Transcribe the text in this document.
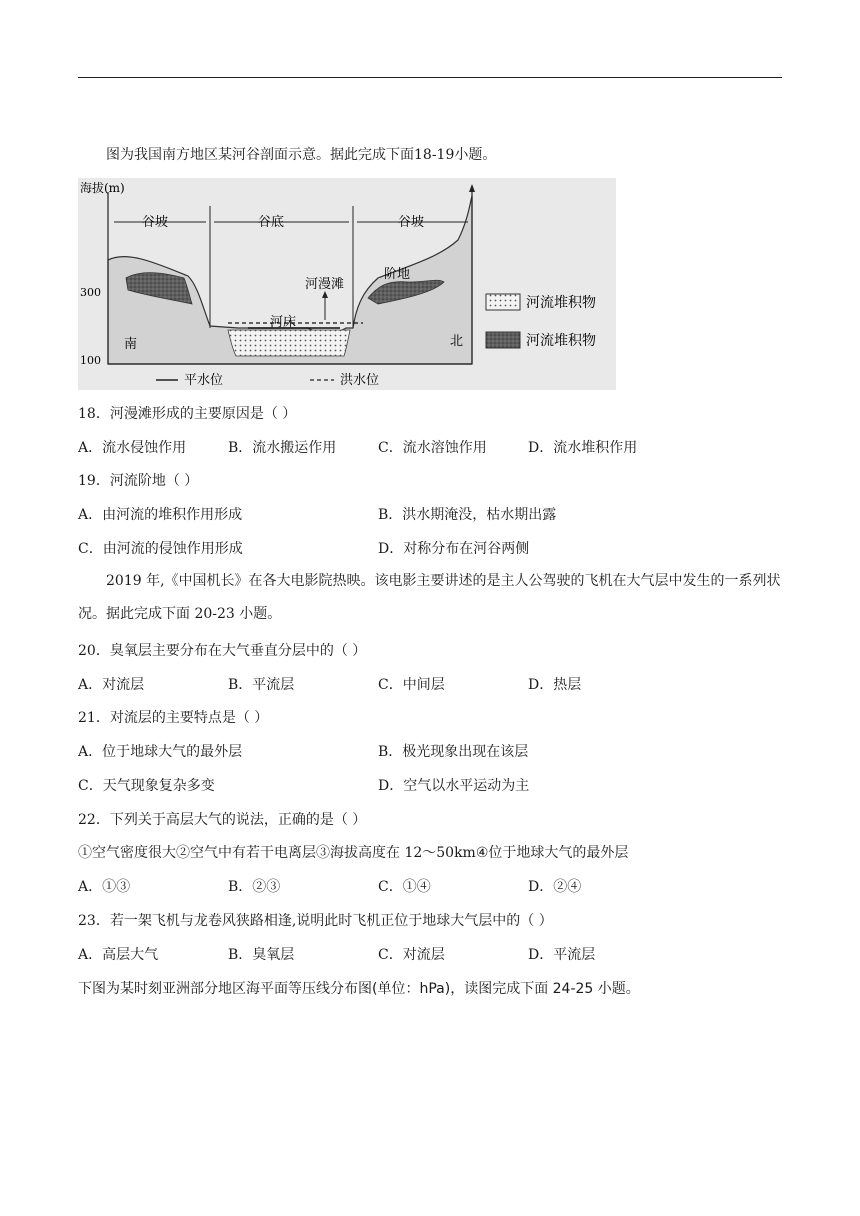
图为我国南方地区某河谷剖面示意。据此完成下面18-19小题。
海拔(m)
300
100
谷坡	谷底	谷坡
河漫滩
阶地
河床
南	北
河流堆积物
河流堆积物
平水位	洪水位
18．河漫滩形成的主要原因是（ ）
A．流水侵蚀作用	B．流水搬运作用	C．流水溶蚀作用	D．流水堆积作用
19．河流阶地（ ）
A．由河流的堆积作用形成	B．洪水期淹没，枯水期出露
C．由河流的侵蚀作用形成	D．对称分布在河谷两侧

2019 年,《中国机长》在各大电影院热映。该电影主要讲述的是主人公驾驶的飞机在大气层中发生的一系列状况。据此完成下面 20-23 小题。

20．臭氧层主要分布在大气垂直分层中的（ ）
A．对流层	B．平流层	C．中间层	D．热层
21．对流层的主要特点是（ ）
A．位于地球大气的最外层	B．极光现象出现在该层
C．天气现象复杂多变	D．空气以水平运动为主
22．下列关于高层大气的说法，正确的是（ ）
①空气密度很大②空气中有若干电离层③海拔高度在 12～50km④位于地球大气的最外层
A．①③	B．②③	C．①④	D．②④
23．若一架飞机与龙卷风狭路相逢,说明此时飞机正位于地球大气层中的（ ）
A．高层大气	B．臭氧层	C．对流层	D．平流层
下图为某时刻亚洲部分地区海平面等压线分布图(单位：hPa)，读图完成下面 24-25 小题。
